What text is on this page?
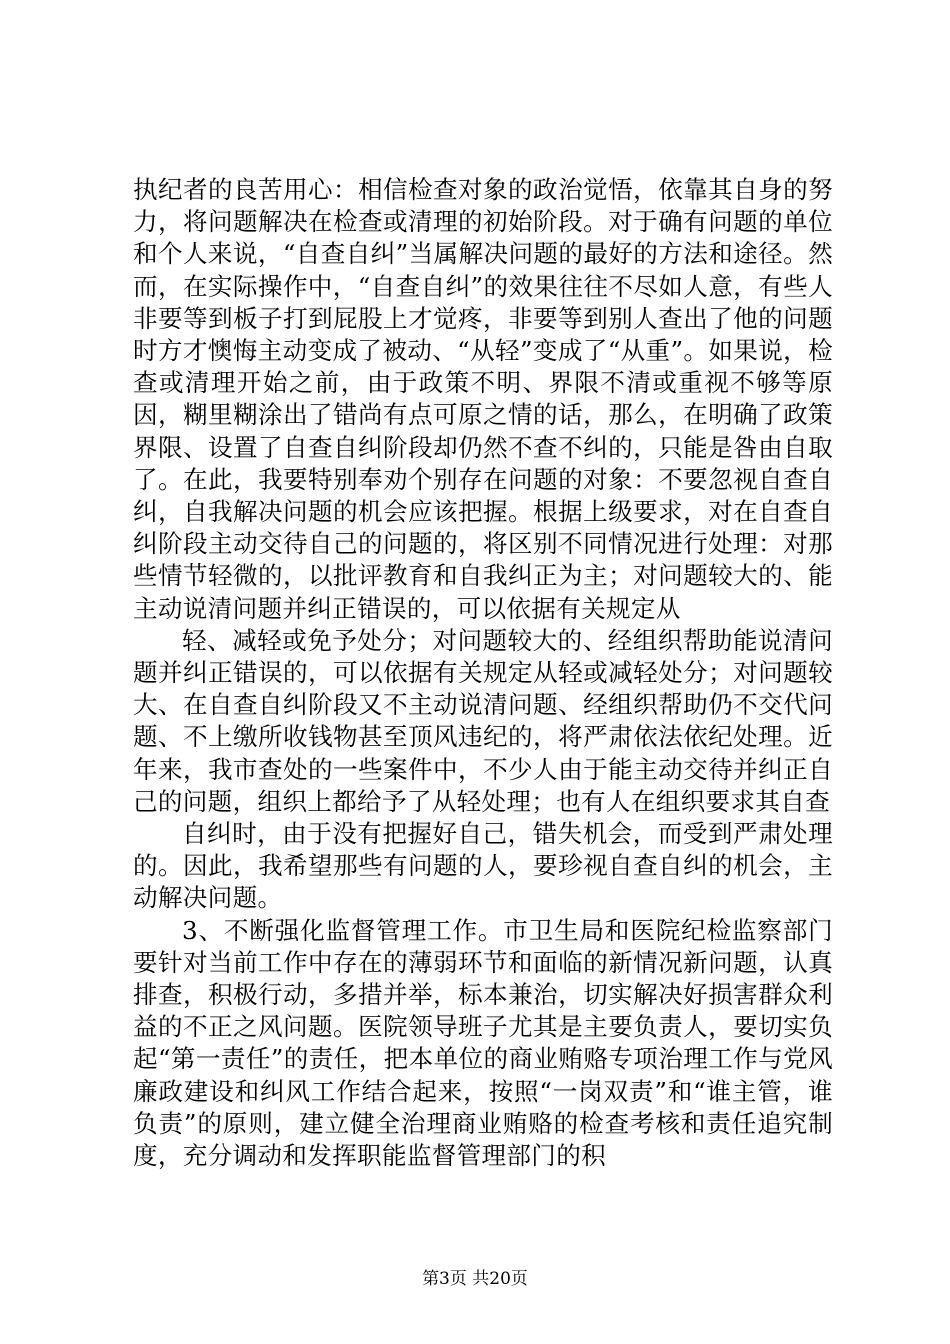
执纪者的良苦用心：相信检查对象的政治觉悟，依靠其自身的努力，将问题解决在检查或清理的初始阶段。对于确有问题的单位和个人来说，“自查自纠”当属解决问题的最好的方法和途径。然而，在实际操作中，“自查自纠”的效果往往不尽如人意，有些人非要等到板子打到屁股上才觉疼，非要等到别人查出了他的问题时方才懊悔主动变成了被动、“从轻”变成了“从重”。如果说，检查或清理开始之前，由于政策不明、界限不清或重视不够等原因，糊里糊涂出了错尚有点可原之情的话，那么，在明确了政策界限、设置了自查自纠阶段却仍然不查不纠的，只能是咎由自取了。在此，我要特别奉劝个别存在问题的对象：不要忽视自查自纠，自我解决问题的机会应该把握。根据上级要求，对在自查自纠阶段主动交待自己的问题的，将区别不同情况进行处理：对那些情节轻微的，以批评教育和自我纠正为主；对问题较大的、能主动说清问题并纠正错误的，可以依据有关规定从

轻、减轻或免予处分；对问题较大的、经组织帮助能说清问题并纠正错误的，可以依据有关规定从轻或减轻处分；对问题较大、在自查自纠阶段又不主动说清问题、经组织帮助仍不交代问题、不上缴所收钱物甚至顶风违纪的，将严肃依法依纪处理。近年来，我市查处的一些案件中，不少人由于能主动交待并纠正自己的问题，组织上都给予了从轻处理；也有人在组织要求其自查

自纠时，由于没有把握好自己，错失机会，而受到严肃处理的。因此，我希望那些有问题的人，要珍视自查自纠的机会，主动解决问题。

3、不断强化监督管理工作。市卫生局和医院纪检监察部门要针对当前工作中存在的薄弱环节和面临的新情况新问题，认真排查，积极行动，多措并举，标本兼治，切实解决好损害群众利益的不正之风问题。医院领导班子尤其是主要负责人，要切实负起“第一责任”的责任，把本单位的商业贿赂专项治理工作与党风廉政建设和纠风工作结合起来，按照“一岗双责”和“谁主管，谁负责”的原则，建立健全治理商业贿赂的检查考核和责任追究制度，充分调动和发挥职能监督管理部门的积

第3页 共20页
